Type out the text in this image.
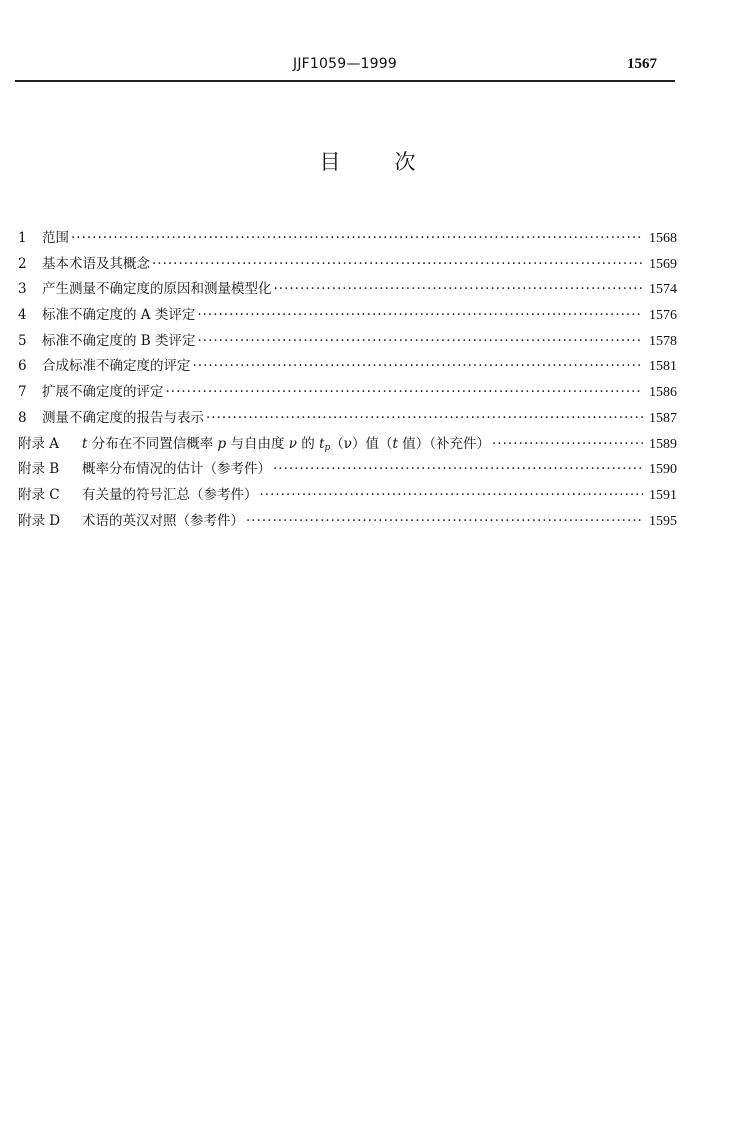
JJF1059—1999	1567
目	次
1	范围 ·····	1568
2	基本术语及其概念 ·····	1569
3	产生测量不确定度的原因和测量模型化 ·····	1574
4	标准不确定度的 A 类评定 ·····	1576
5	标准不确定度的 B 类评定 ·····	1578
6	合成标准不确定度的评定 ·····	1581
7	扩展不确定度的评定 ·····	1586
8	测量不确定度的报告与表示 ·····	1587
附录 A	t 分布在不同置信概率 p 与自由度 ν 的 $t_p(\nu)$值（t 值）（补充件） ·····	1589
附录 B	概率分布情况的估计（参考件） ·····	1590
附录 C	有关量的符号汇总（参考件） ·····	1591
附录 D	术语的英汉对照（参考件） ·····	1595
